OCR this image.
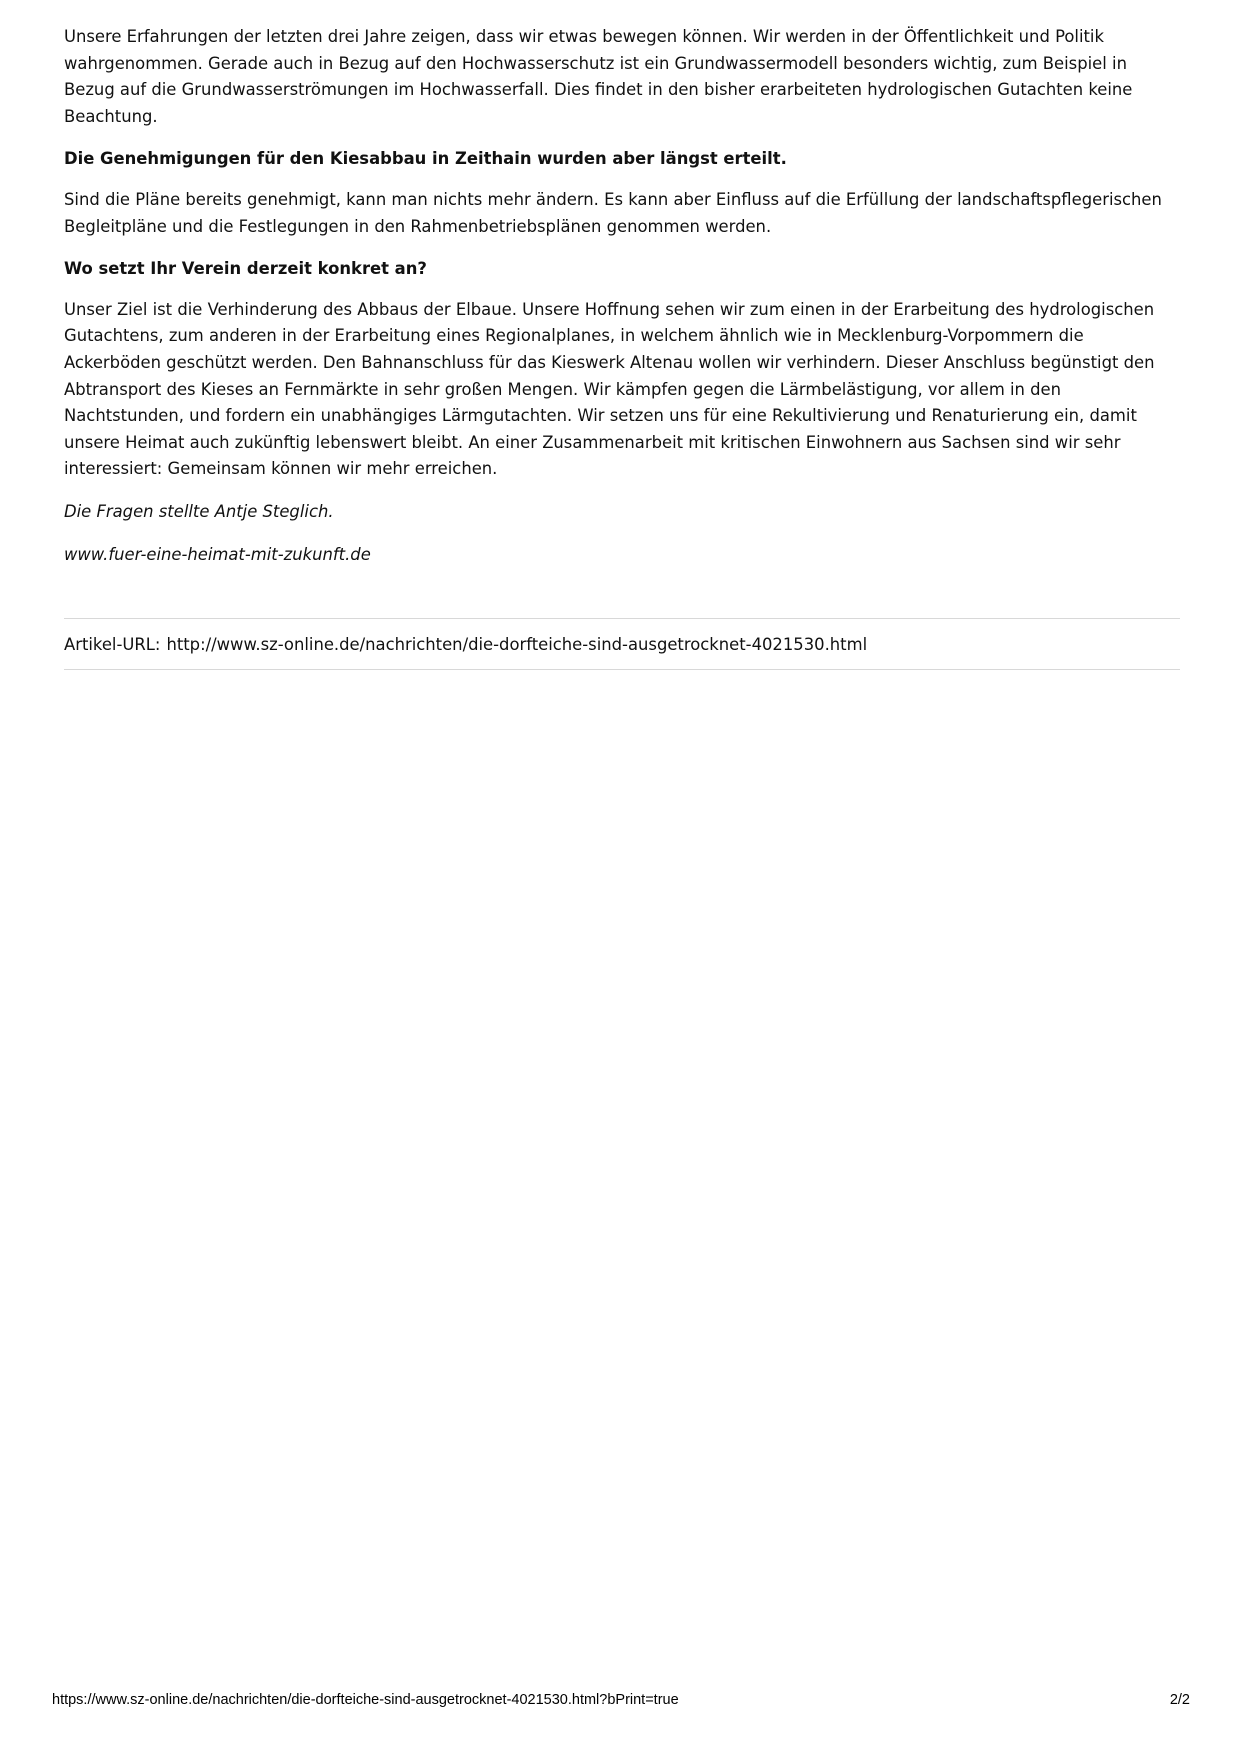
Unsere Erfahrungen der letzten drei Jahre zeigen, dass wir etwas bewegen können. Wir werden in der Öffentlichkeit und Politik wahrgenommen. Gerade auch in Bezug auf den Hochwasserschutz ist ein Grundwassermodell besonders wichtig, zum Beispiel in Bezug auf die Grundwasserströmungen im Hochwasserfall. Dies findet in den bisher erarbeiteten hydrologischen Gutachten keine Beachtung.

Die Genehmigungen für den Kiesabbau in Zeithain wurden aber längst erteilt.

Sind die Pläne bereits genehmigt, kann man nichts mehr ändern. Es kann aber Einfluss auf die Erfüllung der landschaftspflegerischen Begleitpläne und die Festlegungen in den Rahmenbetriebsplänen genommen werden.

Wo setzt Ihr Verein derzeit konkret an?

Unser Ziel ist die Verhinderung des Abbaus der Elbaue. Unsere Hoffnung sehen wir zum einen in der Erarbeitung des hydrologischen Gutachtens, zum anderen in der Erarbeitung eines Regionalplanes, in welchem ähnlich wie in Mecklenburg-Vorpommern die Ackerböden geschützt werden. Den Bahnanschluss für das Kieswerk Altenau wollen wir verhindern. Dieser Anschluss begünstigt den Abtransport des Kieses an Fernmärkte in sehr großen Mengen. Wir kämpfen gegen die Lärmbelästigung, vor allem in den Nachtstunden, und fordern ein unabhängiges Lärmgutachten. Wir setzen uns für eine Rekultivierung und Renaturierung ein, damit unsere Heimat auch zukünftig lebenswert bleibt. An einer Zusammenarbeit mit kritischen Einwohnern aus Sachsen sind wir sehr interessiert: Gemeinsam können wir mehr erreichen.

Die Fragen stellte Antje Steglich.

www.fuer-eine-heimat-mit-zukunft.de

Artikel-URL: http://www.sz-online.de/nachrichten/die-dorfteiche-sind-ausgetrocknet-4021530.html
https://www.sz-online.de/nachrichten/die-dorfteiche-sind-ausgetrocknet-4021530.html?bPrint=true	2/2
